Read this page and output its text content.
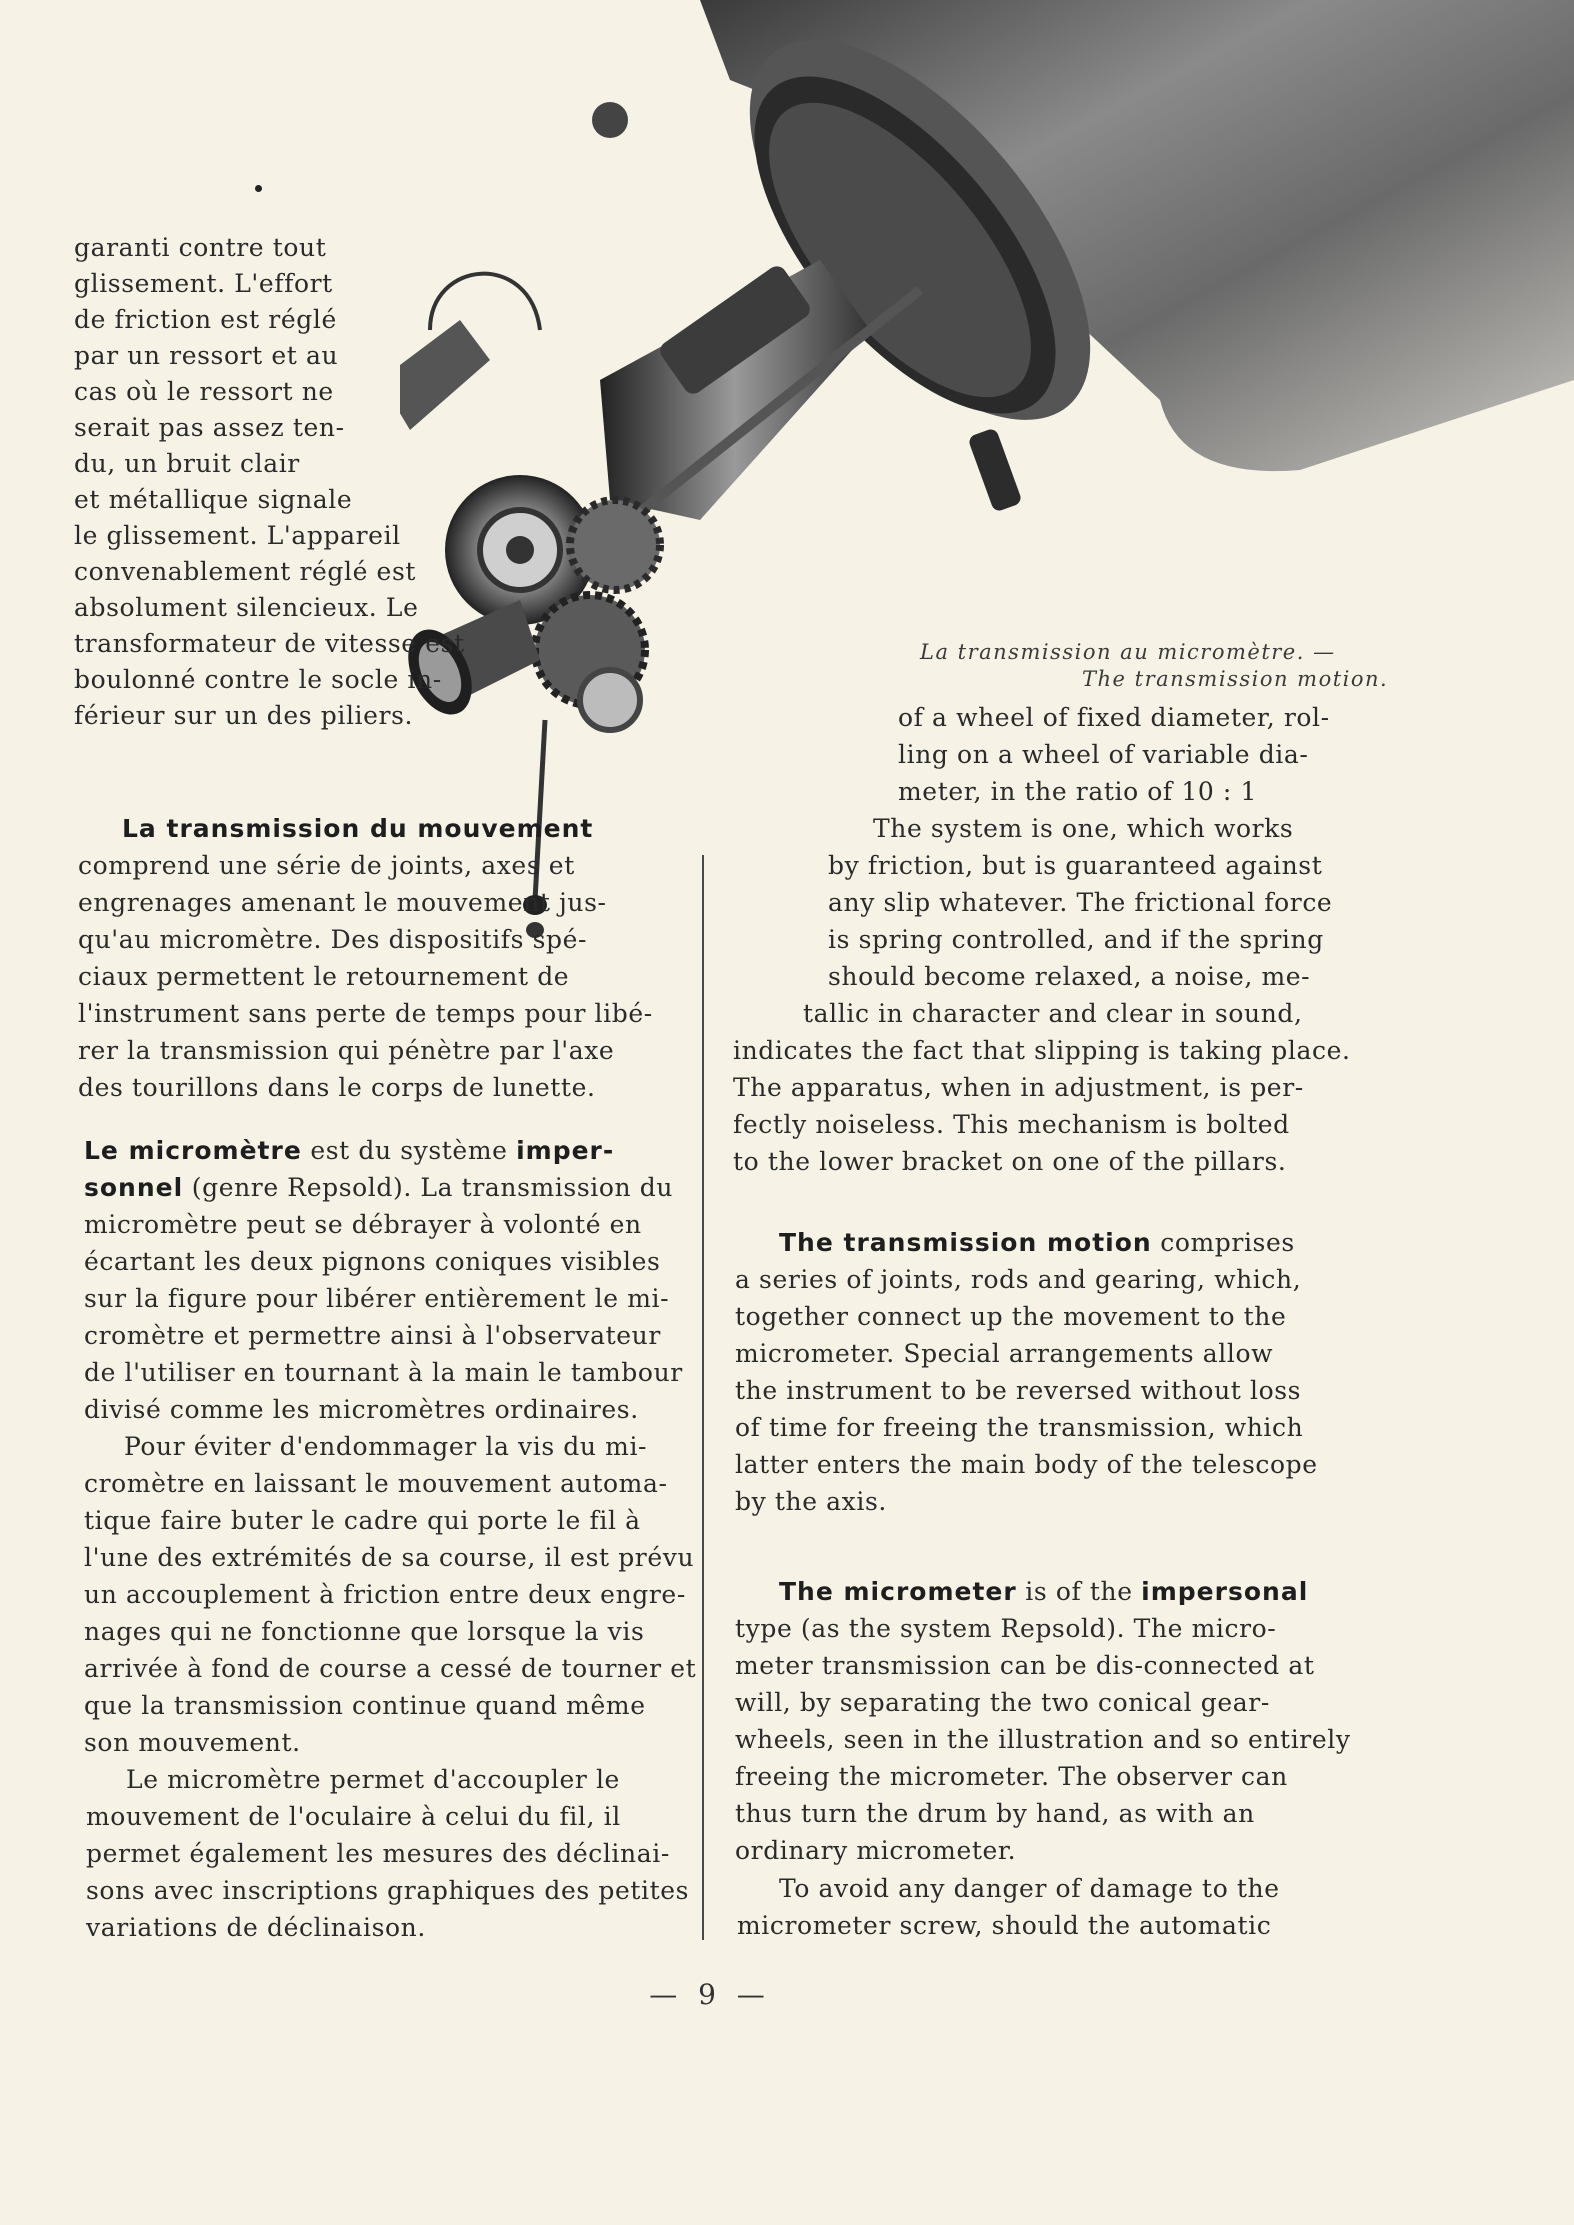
La transmission au micromètre. —
The transmission motion.
garanti contre tout
glissement. L'effort
de friction est réglé
par un ressort et au
cas où le ressort ne
serait pas assez ten-
du, un bruit clair
et métallique signale
le glissement. L'appareil
convenablement réglé est
absolument silencieux. Le
transformateur de vitesse est
boulonné contre le socle in-
férieur sur un des piliers.
La transmission du mouvement
comprend une série de joints, axes et
engrenages amenant le mouvement jus-
qu'au micromètre. Des dispositifs spé-
ciaux permettent le retournement de
l'instrument sans perte de temps pour libé-
rer la transmission qui pénètre par l'axe
des tourillons dans le corps de lunette.
Le micromètre est du système imper-
sonnel (genre Repsold). La transmission du
micromètre peut se débrayer à volonté en
écartant les deux pignons coniques visibles
sur la figure pour libérer entièrement le mi-
cromètre et permettre ainsi à l'observateur
de l'utiliser en tournant à la main le tambour
divisé comme les micromètres ordinaires.
Pour éviter d'endommager la vis du mi-
cromètre en laissant le mouvement automa-
tique faire buter le cadre qui porte le fil à
l'une des extrémités de sa course, il est prévu
un accouplement à friction entre deux engre-
nages qui ne fonctionne que lorsque la vis
arrivée à fond de course a cessé de tourner et
que la transmission continue quand même
son mouvement.
Le micromètre permet d'accoupler le
mouvement de l'oculaire à celui du fil, il
permet également les mesures des déclinai-
sons avec inscriptions graphiques des petites
variations de déclinaison.
of a wheel of fixed diameter, rol-
ling on a wheel of variable dia-
meter, in the ratio of 10 : 1
The system is one, which works
by friction, but is guaranteed against
any slip whatever. The frictional force
is spring controlled, and if the spring
should become relaxed, a noise, me-
tallic in character and clear in sound,
indicates the fact that slipping is taking place.
The apparatus, when in adjustment, is per-
fectly noiseless. This mechanism is bolted
to the lower bracket on one of the pillars.
The transmission motion comprises
a series of joints, rods and gearing, which,
together connect up the movement to the
micrometer. Special arrangements allow
the instrument to be reversed without loss
of time for freeing the transmission, which
latter enters the main body of the telescope
by the axis.
The micrometer is of the impersonal
type (as the system Repsold). The micro-
meter transmission can be dis-connected at
will, by separating the two conical gear-
wheels, seen in the illustration and so entirely
freeing the micrometer. The observer can
thus turn the drum by hand, as with an
ordinary micrometer.
To avoid any danger of damage to the
micrometer screw, should the automatic
— 9 —
